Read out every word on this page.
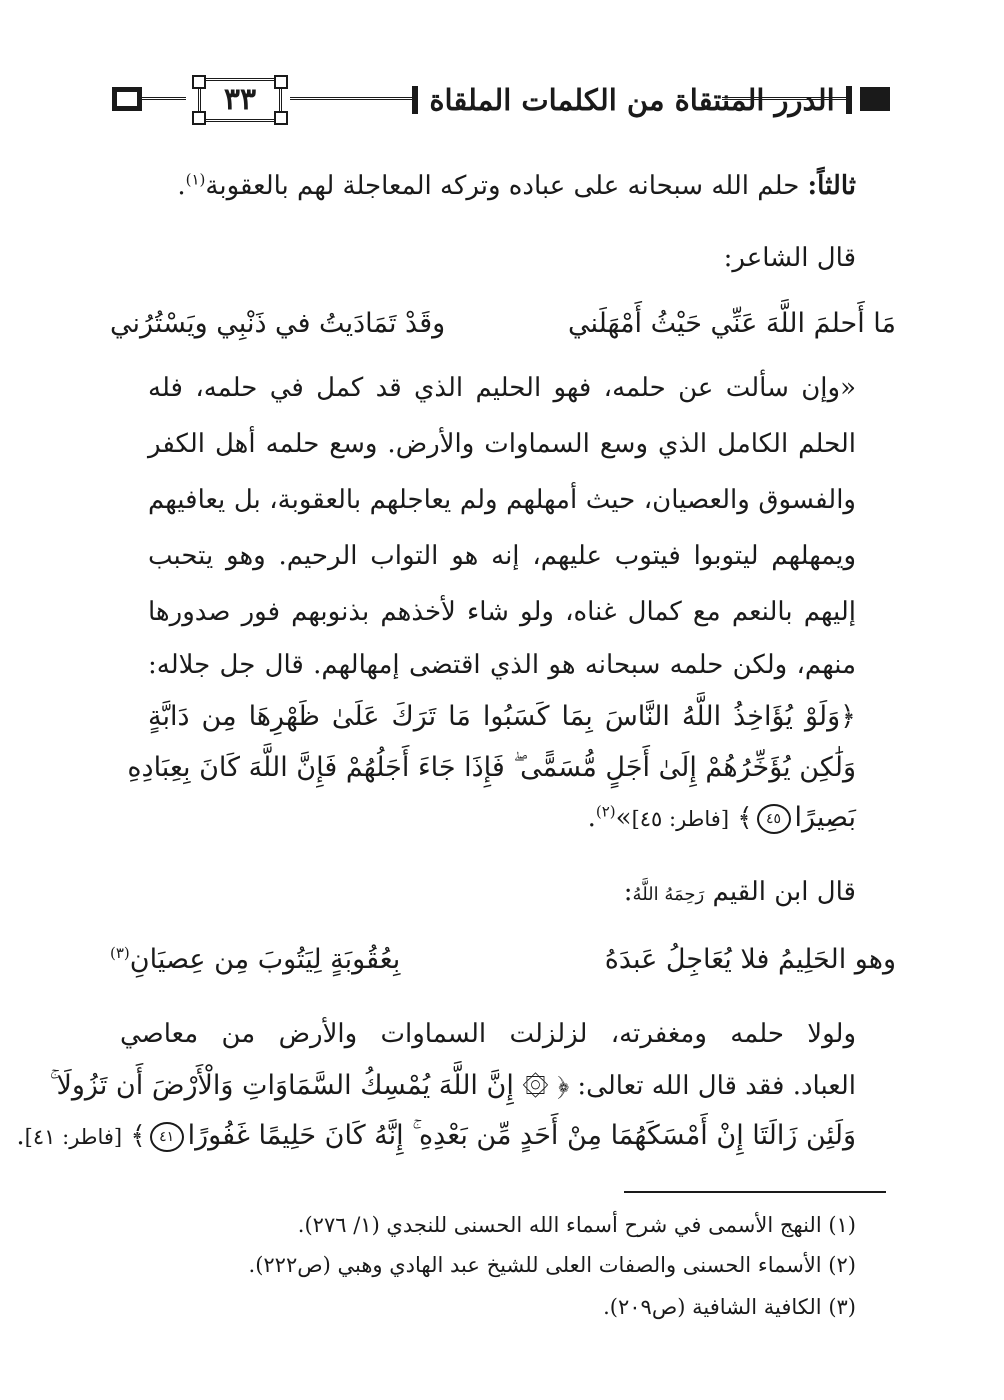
٣٣	الدرر المنتقاة من الكلمات الملقاة
ثالثاً: حلم الله سبحانه على عباده وتركه المعاجلة لهم بالعقوبة$^{(١)}$.
قال الشاعر:
مَا أَحلمَ اللَّهَ عَنِّي حَيْثُ أَمْهَلَني
وقَدْ تَمَادَيتُ في ذَنْبِي ويَسْتُرُني
«وإن سألت عن حلمه، فهو الحليم الذي قد كمل في حلمه، فله
الحلم الكامل الذي وسع السماوات والأرض. وسع حلمه أهل الكفر
والفسوق والعصيان، حيث أمهلهم ولم يعاجلهم بالعقوبة، بل يعافيهم
ويمهلهم ليتوبوا فيتوب عليهم، إنه هو التواب الرحيم. وهو يتحبب
إليهم بالنعم مع كمال غناه، ولو شاء لأخذهم بذنوبهم فور صدورها
منهم، ولكن حلمه سبحانه هو الذي اقتضى إمهالهم. قال جل جلاله:
﴿وَلَوْ يُؤَاخِذُ اللَّهُ النَّاسَ بِمَا كَسَبُوا مَا تَرَكَ عَلَىٰ ظَهْرِهَا مِن دَابَّةٍ
وَلَٰكِن يُؤَخِّرُهُمْ إِلَىٰ أَجَلٍ مُّسَمًّى ۖ فَإِذَا جَاءَ أَجَلُهُمْ فَإِنَّ اللَّهَ كَانَ بِعِبَادِهِ
بَصِيرًا٤٥﴾ [فاطر: ٤٥]»$^{(٢)}$.
قال ابن القيم رَحِمَهُ اللَّهُ:
وهو الحَلِيمُ فلا يُعَاجِلُ عَبدَهُ
بِعُقُوبَةٍ لِيَتُوبَ مِن عِصيَانِ$^{(٣)}$
ولولا حلمه ومغفرته، لزلزلت السماوات والأرض من معاصي
العباد. فقد قال الله تعالى: ﴿ ۞ إِنَّ اللَّهَ يُمْسِكُ السَّمَاوَاتِ وَالْأَرْضَ أَن تَزُولَا ۚ
وَلَئِن زَالَتَا إِنْ أَمْسَكَهُمَا مِنْ أَحَدٍ مِّن بَعْدِهِ ۚ إِنَّهُ كَانَ حَلِيمًا غَفُورًا٤١﴾ [فاطر: ٤١].
(١) النهج الأسمى في شرح أسماء الله الحسنى للنجدي (١/ ٢٧٦).
(٢) الأسماء الحسنى والصفات العلى للشيخ عبد الهادي وهبي (ص٢٢٢).
(٣) الكافية الشافية (ص٢٠٩).
